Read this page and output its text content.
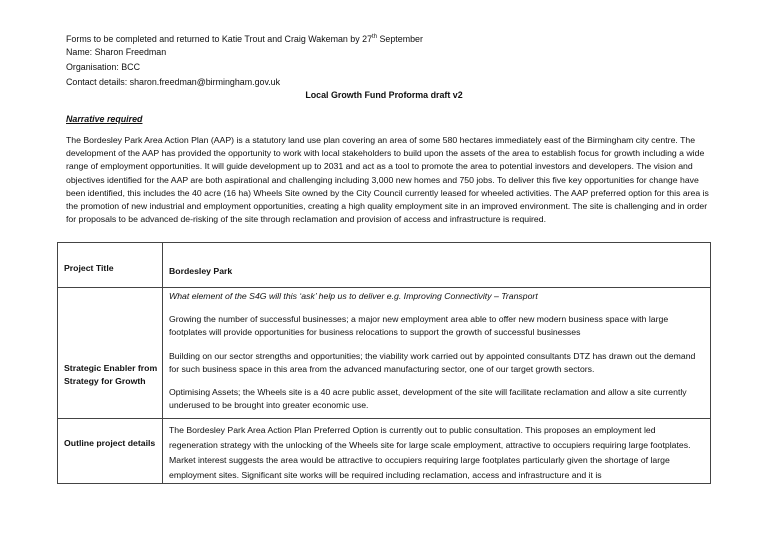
Forms to be completed and returned to Katie Trout and Craig Wakeman by 27th September
Name: Sharon Freedman
Organisation: BCC
Contact details: sharon.freedman@birmingham.gov.uk
Local Growth Fund Proforma draft v2
Narrative required

The Bordesley Park Area Action Plan (AAP) is a statutory land use plan covering an area of some 580 hectares immediately east of the Birmingham city centre. The development of the AAP has provided the opportunity to work with local stakeholders to build upon the assets of the area to establish focus for growth including a wide range of employment opportunities. It will guide development up to 2031 and act as a tool to promote the area to potential investors and developers. The vision and objectives identified for the AAP are both aspirational and challenging including 3,000 new homes and 750 jobs. To deliver this five key opportunities for change have been identified, this includes the 40 acre (16 ha) Wheels Site owned by the City Council currently leased for wheeled activities. The AAP preferred option for this area is the promotion of new industrial and employment opportunities, creating a high quality employment site in an improved environment. The site is challenging and in order for proposals to be advanced de-risking of the site through reclamation and provision of access and infrastructure is required.

Project Title	Bordesley Park

Strategic Enabler from Strategy for Growth	What element of the S4G will this ‘ask’ help us to deliver e.g. Improving Connectivity – Transport

Growing the number of successful businesses; a major new employment area able to offer new modern business space with large footplates will provide opportunities for business relocations to support the growth of successful businesses

Building on our sector strengths and opportunities; the viability work carried out by appointed consultants DTZ has drawn out the demand for such business space in this area from the advanced manufacturing sector, one of our target growth sectors.

Optimising Assets; the Wheels site is a 40 acre public asset, development of the site will facilitate reclamation and allow a site currently underused to be brought into greater economic use.

Outline project details	The Bordesley Park Area Action Plan Preferred Option is currently out to public consultation. This proposes an employment led regeneration strategy with the unlocking of the Wheels site for large scale employment, attractive to occupiers requiring large footplates. Market interest suggests the area would be attractive to occupiers requiring large footplates particularly given the shortage of large employment sites. Significant site works will be required including reclamation, access and infrastructure and it is
